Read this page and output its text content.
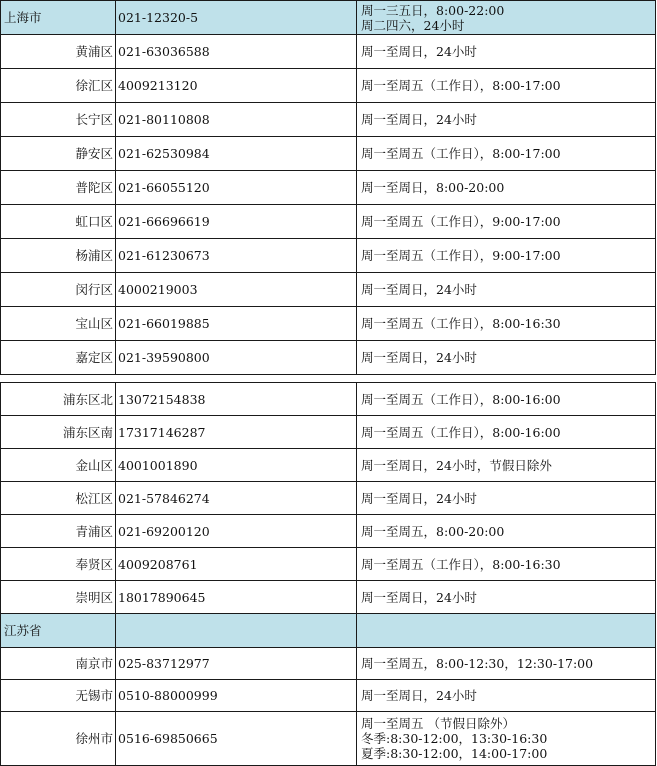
上海市	021-12320-5	周一三五日，8:00-22:00
周二四六，24小时

黄浦区	021-63036588	周一至周日，24小时
徐汇区	4009213120	周一至周五（工作日），8:00-17:00
长宁区	021-80110808	周一至周日，24小时
静安区	021-62530984	周一至周五（工作日），8:00-17:00
普陀区	021-66055120	周一至周日，8:00-20:00
虹口区	021-66696619	周一至周五（工作日），9:00-17:00
杨浦区	021-61230673	周一至周五（工作日），9:00-17:00
闵行区	4000219003	周一至周日，24小时
宝山区	021-66019885	周一至周五（工作日），8:00-16:30
嘉定区	021-39590800	周一至周日，24小时
浦东区北	13072154838	周一至周五（工作日），8:00-16:00
浦东区南	17317146287	周一至周五（工作日），8:00-16:00
金山区	4001001890	周一至周日，24小时，节假日除外
松江区	021-57846274	周一至周日，24小时
青浦区	021-69200120	周一至周五，8:00-20:00
奉贤区	4009208761	周一至周五（工作日），8:00-16:30
崇明区	18017890645	周一至周日，24小时
江苏省		
南京市	025-83712977	周一至周五，8:00-12:30，12:30-17:00
无锡市	0510-88000999	周一至周日，24小时
徐州市	0516-69850665	周一至周五 （节假日除外）
冬季:8:30-12:00，13:30-16:30
夏季:8:30-12:00，14:00-17:00
